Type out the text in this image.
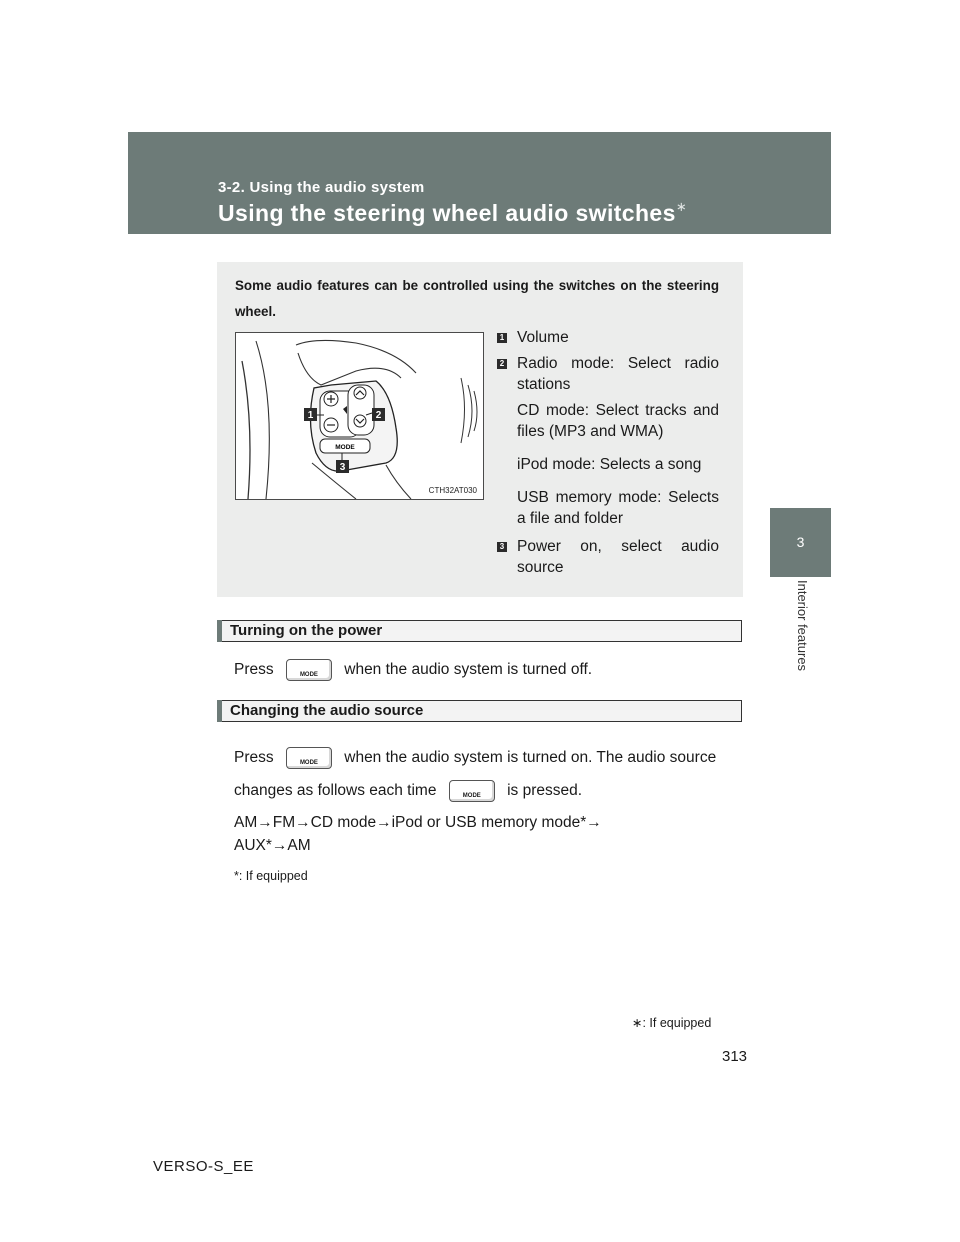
3-2. Using the audio system
Using the steering wheel audio switches∗
3
Interior features
Some audio features can be controlled using the switches on the steering wheel.
MODE
1	2
3
CTH32AT030
1 Volume
2 Radio mode: Select radio stations
CD mode: Select tracks and files (MP3 and WMA)
iPod mode: Selects a song
USB memory mode: Selects a file and folder
3 Power on, select audio source
Turning on the power
Press	MODE	when the audio system is turned off.
Changing the audio source
Press	MODE	when the audio system is turned on. The audio source
changes as follows each time	MODE	is pressed.
AM→FM→CD mode→iPod or USB memory mode*→
AUX*→AM
*: If equipped
∗: If equipped
313
VERSO-S_EE
